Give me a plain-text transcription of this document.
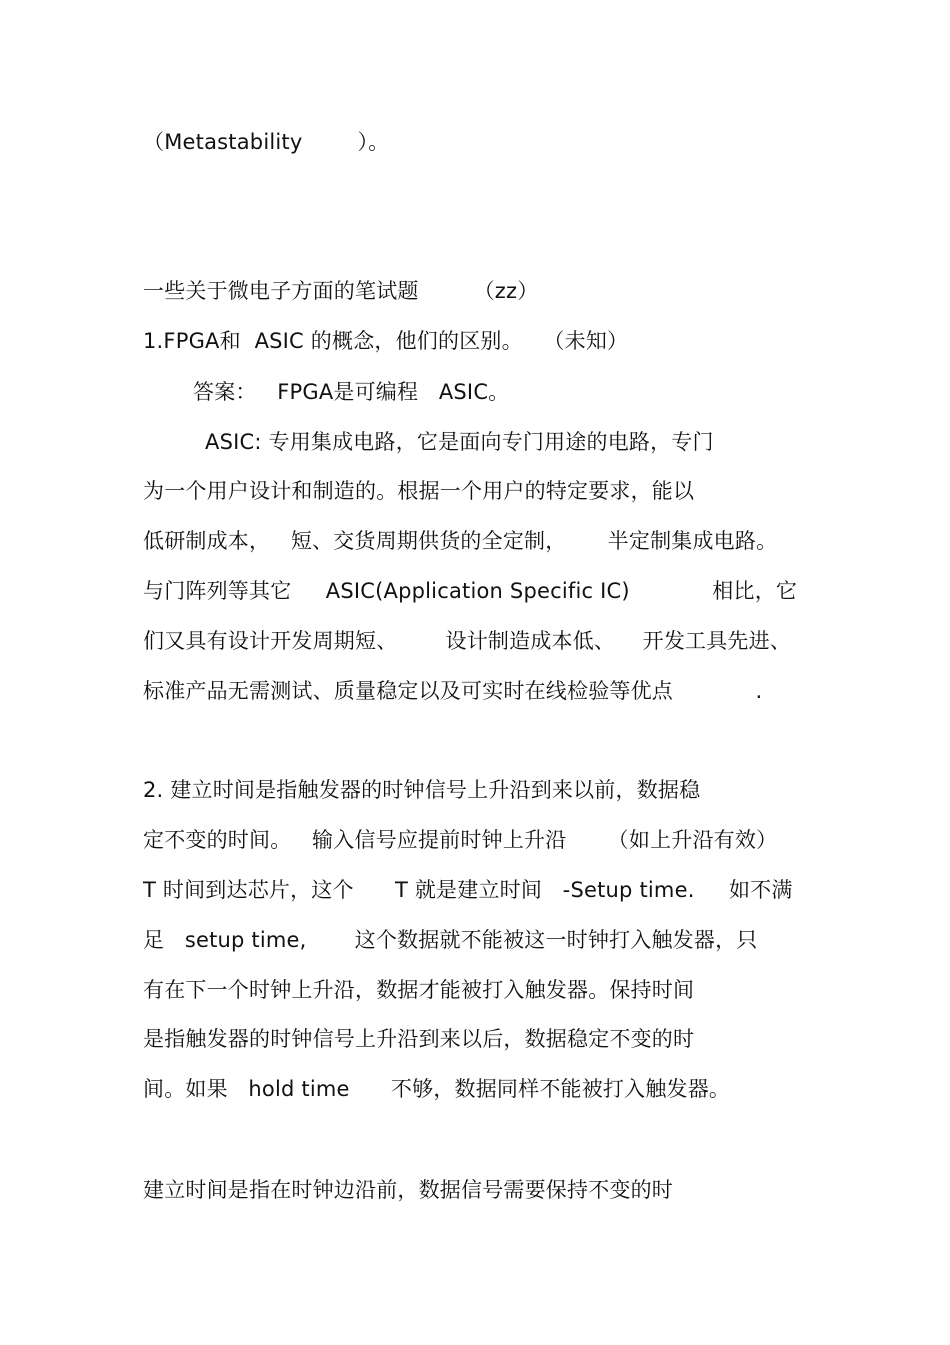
（Metastability        ）。
一些关于微电子方面的笔试题        （zz）
1.FPGA和  ASIC 的概念，他们的区别。   （未知）
答案：   FPGA是可编程   ASIC。
ASIC: 专用集成电路，它是面向专门用途的电路，专门
为一个用户设计和制造的。根据一个用户的特定要求，能以
低研制成本，   短、交货周期供货的全定制，      半定制集成电路。
与门阵列等其它     ASIC(Application Specific IC)            相比，它
们又具有设计开发周期短、       设计制造成本低、    开发工具先进、
标准产品无需测试、质量稳定以及可实时在线检验等优点            .
2. 建立时间是指触发器的时钟信号上升沿到来以前，数据稳
定不变的时间。   输入信号应提前时钟上升沿      （如上升沿有效）
T 时间到达芯片，这个      T 就是建立时间   -Setup time.     如不满
足   setup time,       这个数据就不能被这一时钟打入触发器，只
有在下一个时钟上升沿，数据才能被打入触发器。保持时间
是指触发器的时钟信号上升沿到来以后，数据稳定不变的时
间。如果   hold time      不够，数据同样不能被打入触发器。
建立时间是指在时钟边沿前，数据信号需要保持不变的时
